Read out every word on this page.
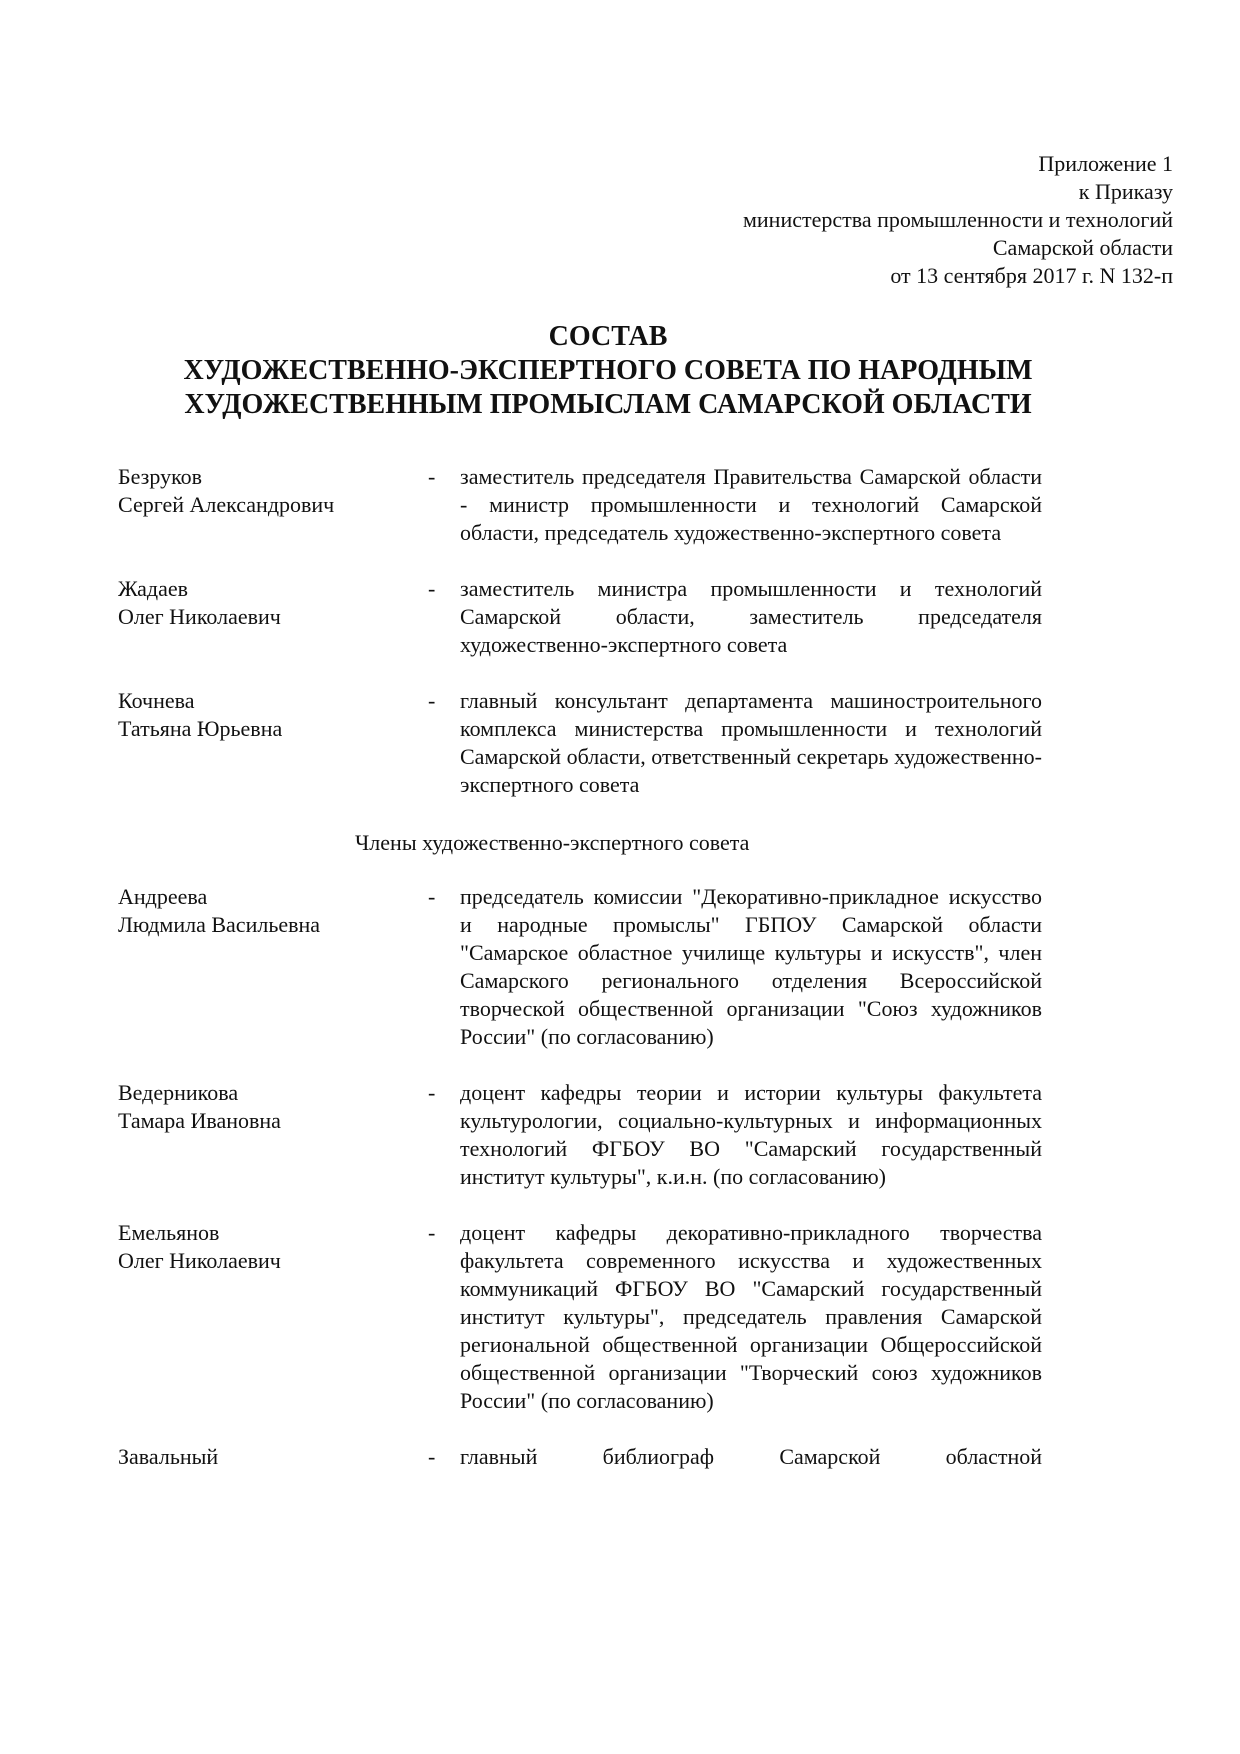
Приложение 1
к Приказу
министерства промышленности и технологий
Самарской области
от 13 сентября 2017 г. N 132-п
СОСТАВ
ХУДОЖЕСТВЕННО-ЭКСПЕРТНОГО СОВЕТА ПО НАРОДНЫМ
ХУДОЖЕСТВЕННЫМ ПРОМЫСЛАМ САМАРСКОЙ ОБЛАСТИ
Безруков
Сергей Александрович
-	заместитель председателя Правительства Самарской области - министр промышленности и технологий Самарской области, председатель художественно-экспертного совета
Жадаев
Олег Николаевич
-	заместитель министра промышленности и технологий Самарской области, заместитель председателя художественно-экспертного совета
Кочнева
Татьяна Юрьевна
-	главный консультант департамента машиностроительного комплекса министерства промышленности и технологий Самарской области, ответственный секретарь художественно-экспертного совета
Члены художественно-экспертного совета
Андреева
Людмила Васильевна
-	председатель комиссии "Декоративно-прикладное искусство и народные промыслы" ГБПОУ Самарской области "Самарское областное училище культуры и искусств", член Самарского регионального отделения Всероссийской творческой общественной организации "Союз художников России" (по согласованию)
Ведерникова
Тамара Ивановна
-	доцент кафедры теории и истории культуры факультета культурологии, социально-культурных и информационных технологий ФГБОУ ВО "Самарский государственный институт культуры", к.и.н. (по согласованию)
Емельянов
Олег Николаевич
-	доцент кафедры декоративно-прикладного творчества факультета современного искусства и художественных коммуникаций ФГБОУ ВО "Самарский государственный институт культуры", председатель правления Самарской региональной общественной организации Общероссийской общественной организации "Творческий союз художников России" (по согласованию)
Завальный	-	главный библиограф Самарской областной
